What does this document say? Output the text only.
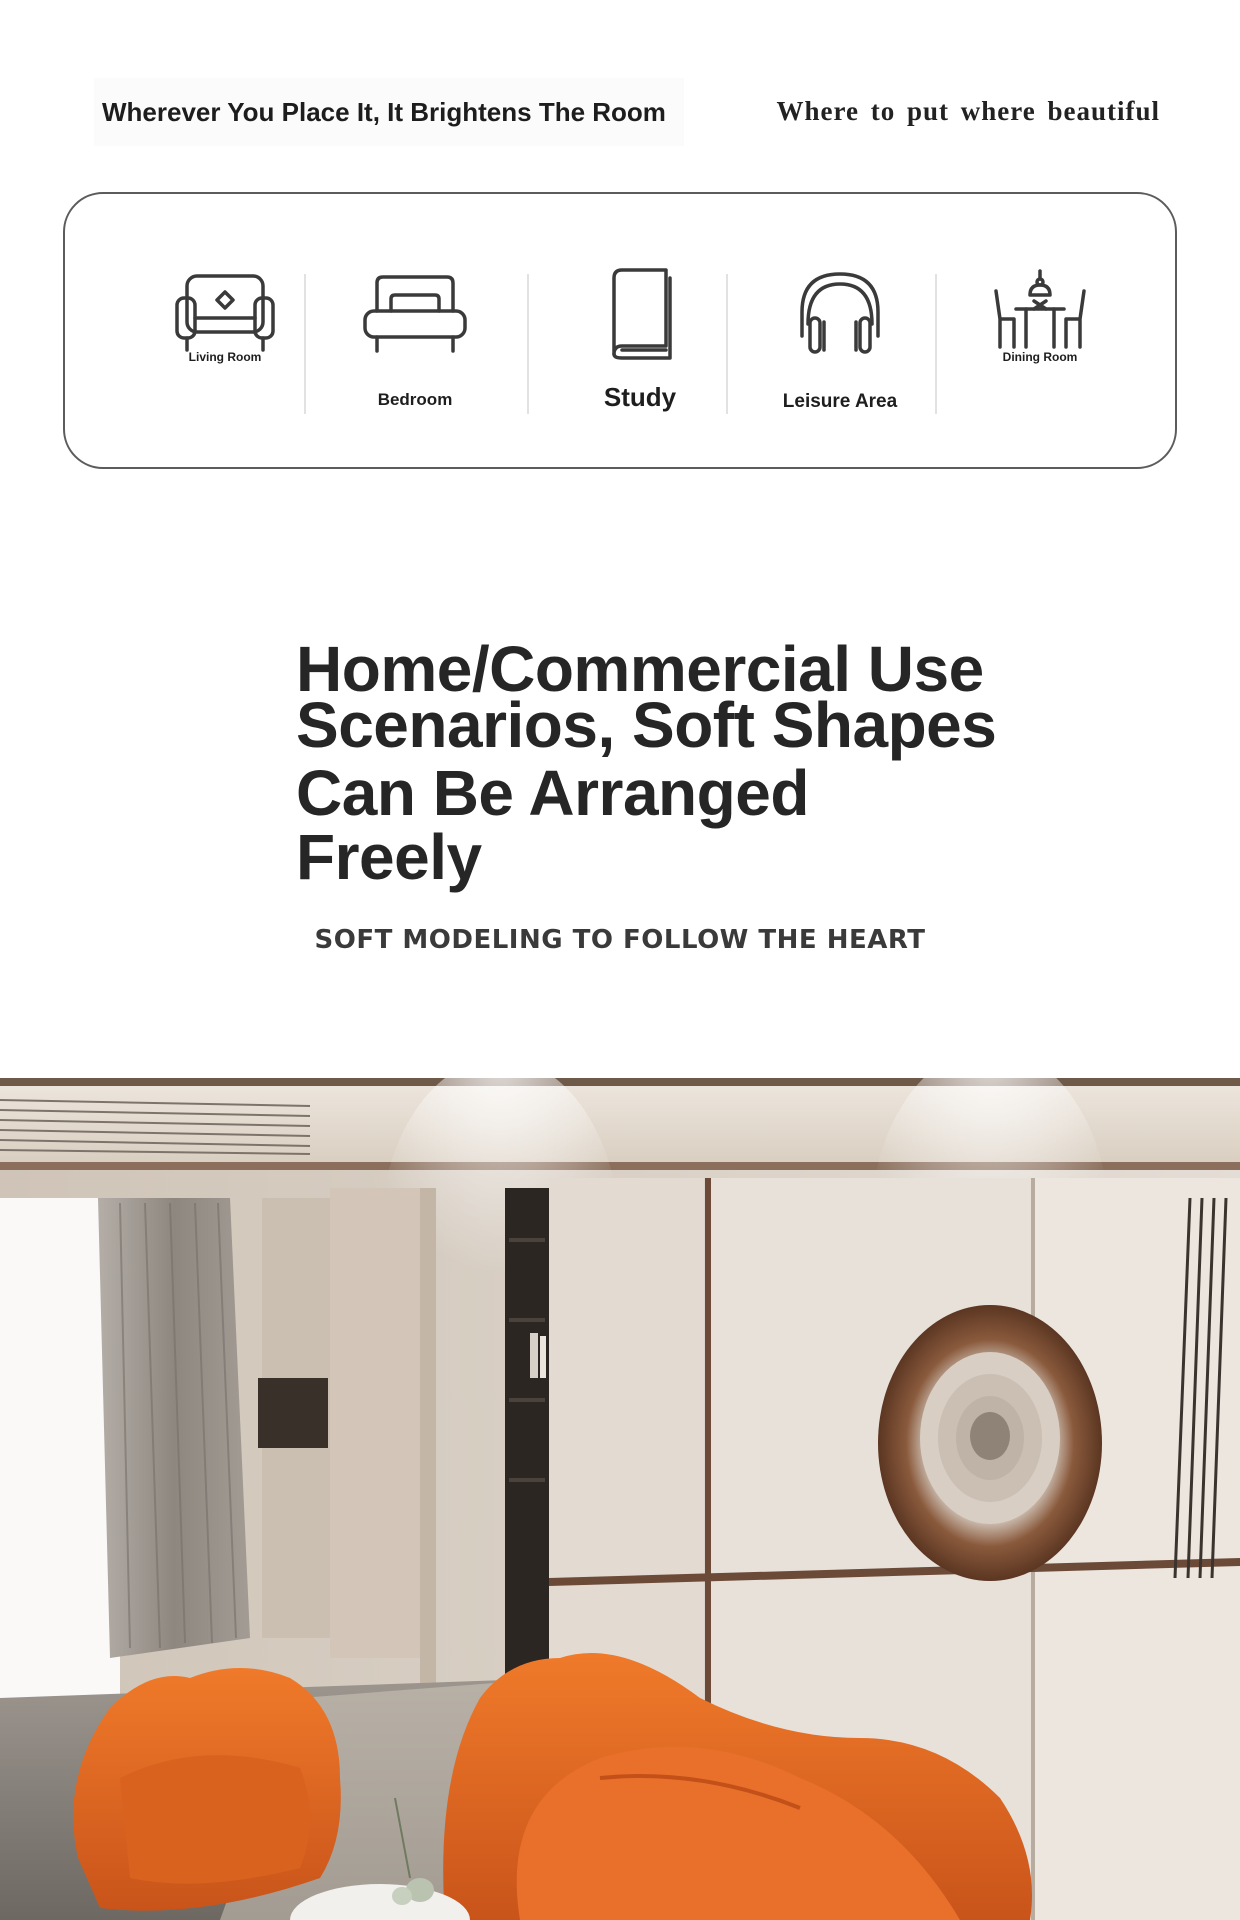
Wherever You Place It, It Brightens The Room	Where to put where beautiful
Living Room
Bedroom	Study	Leisure Area
Dining Room
Home/Commercial Use
Scenarios, Soft Shapes
Can Be Arranged
Freely
SOFT MODELING TO FOLLOW THE HEART
